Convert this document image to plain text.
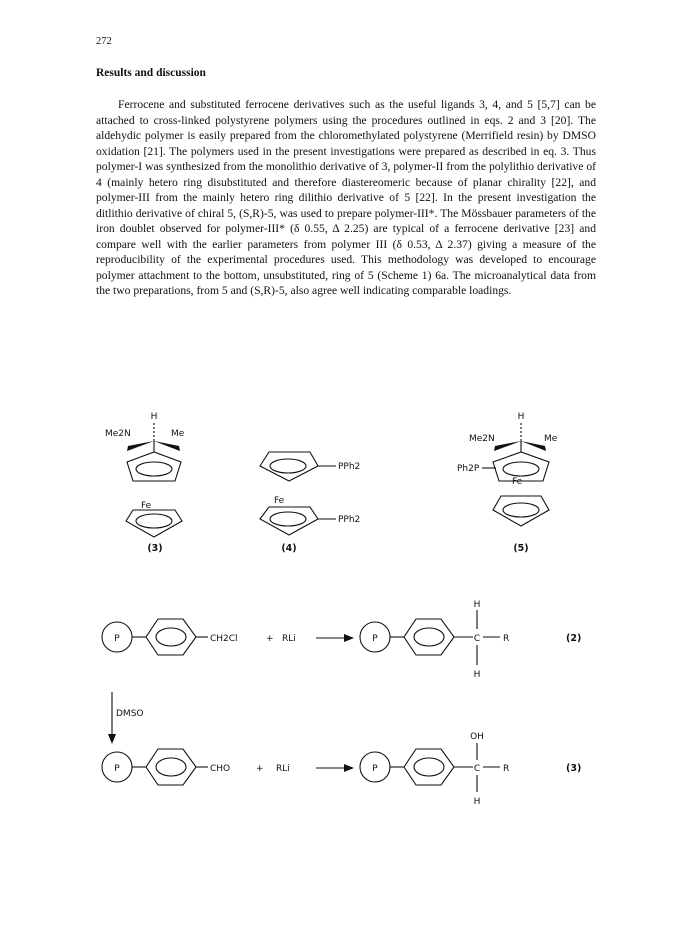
272
Results and discussion

Ferrocene and substituted ferrocene derivatives such as the useful ligands 3, 4, and 5 [5,7] can be attached to cross-linked polystyrene polymers using the procedures outlined in eqs. 2 and 3 [20]. The aldehydic polymer is easily prepared from the chloromethylated polystyrene (Merrifield resin) by DMSO oxidation [21]. The polymers used in the present investigations were prepared as described in eq. 3. Thus polymer-I was synthesized from the monolithio derivative of 3, polymer-II from the polylithio derivative of 4 (mainly hetero ring disubstituted and therefore diastereomeric because of planar chirality [22], and polymer-III from the mainly hetero ring dilithio derivative of 5 [22]. In the present investigation the ditlithio derivative of chiral 5, (S,R)-5, was used to prepare polymer-III*. The Mössbauer parameters of the iron doublet observed for polymer-III* (δ 0.55, Δ 2.25) are typical of a ferrocene derivative [23] and compare well with the earlier parameters from polymer III (δ 0.53, Δ 2.37) giving a measure of the reproducibility of the experimental procedures used. This methodology was developed to encourage polymer attachment to the bottom, unsubstituted, ring of 5 (Scheme 1) 6a. The microanalytical data from the two preparations, from 5 and (S,R)-5, also agree well indicating comparable loadings.

H
Me2N	Me
Fe
(3)
PPh2
Fe
PPh2
(4)
H
Me2N	Me
Ph2P
Fe
(5)
P	CH2Cl	+ RLi	P
H
C	R
H
(2)
DMSO
P	CHO	+ RLi	P
OH
C	R
H
(3)
